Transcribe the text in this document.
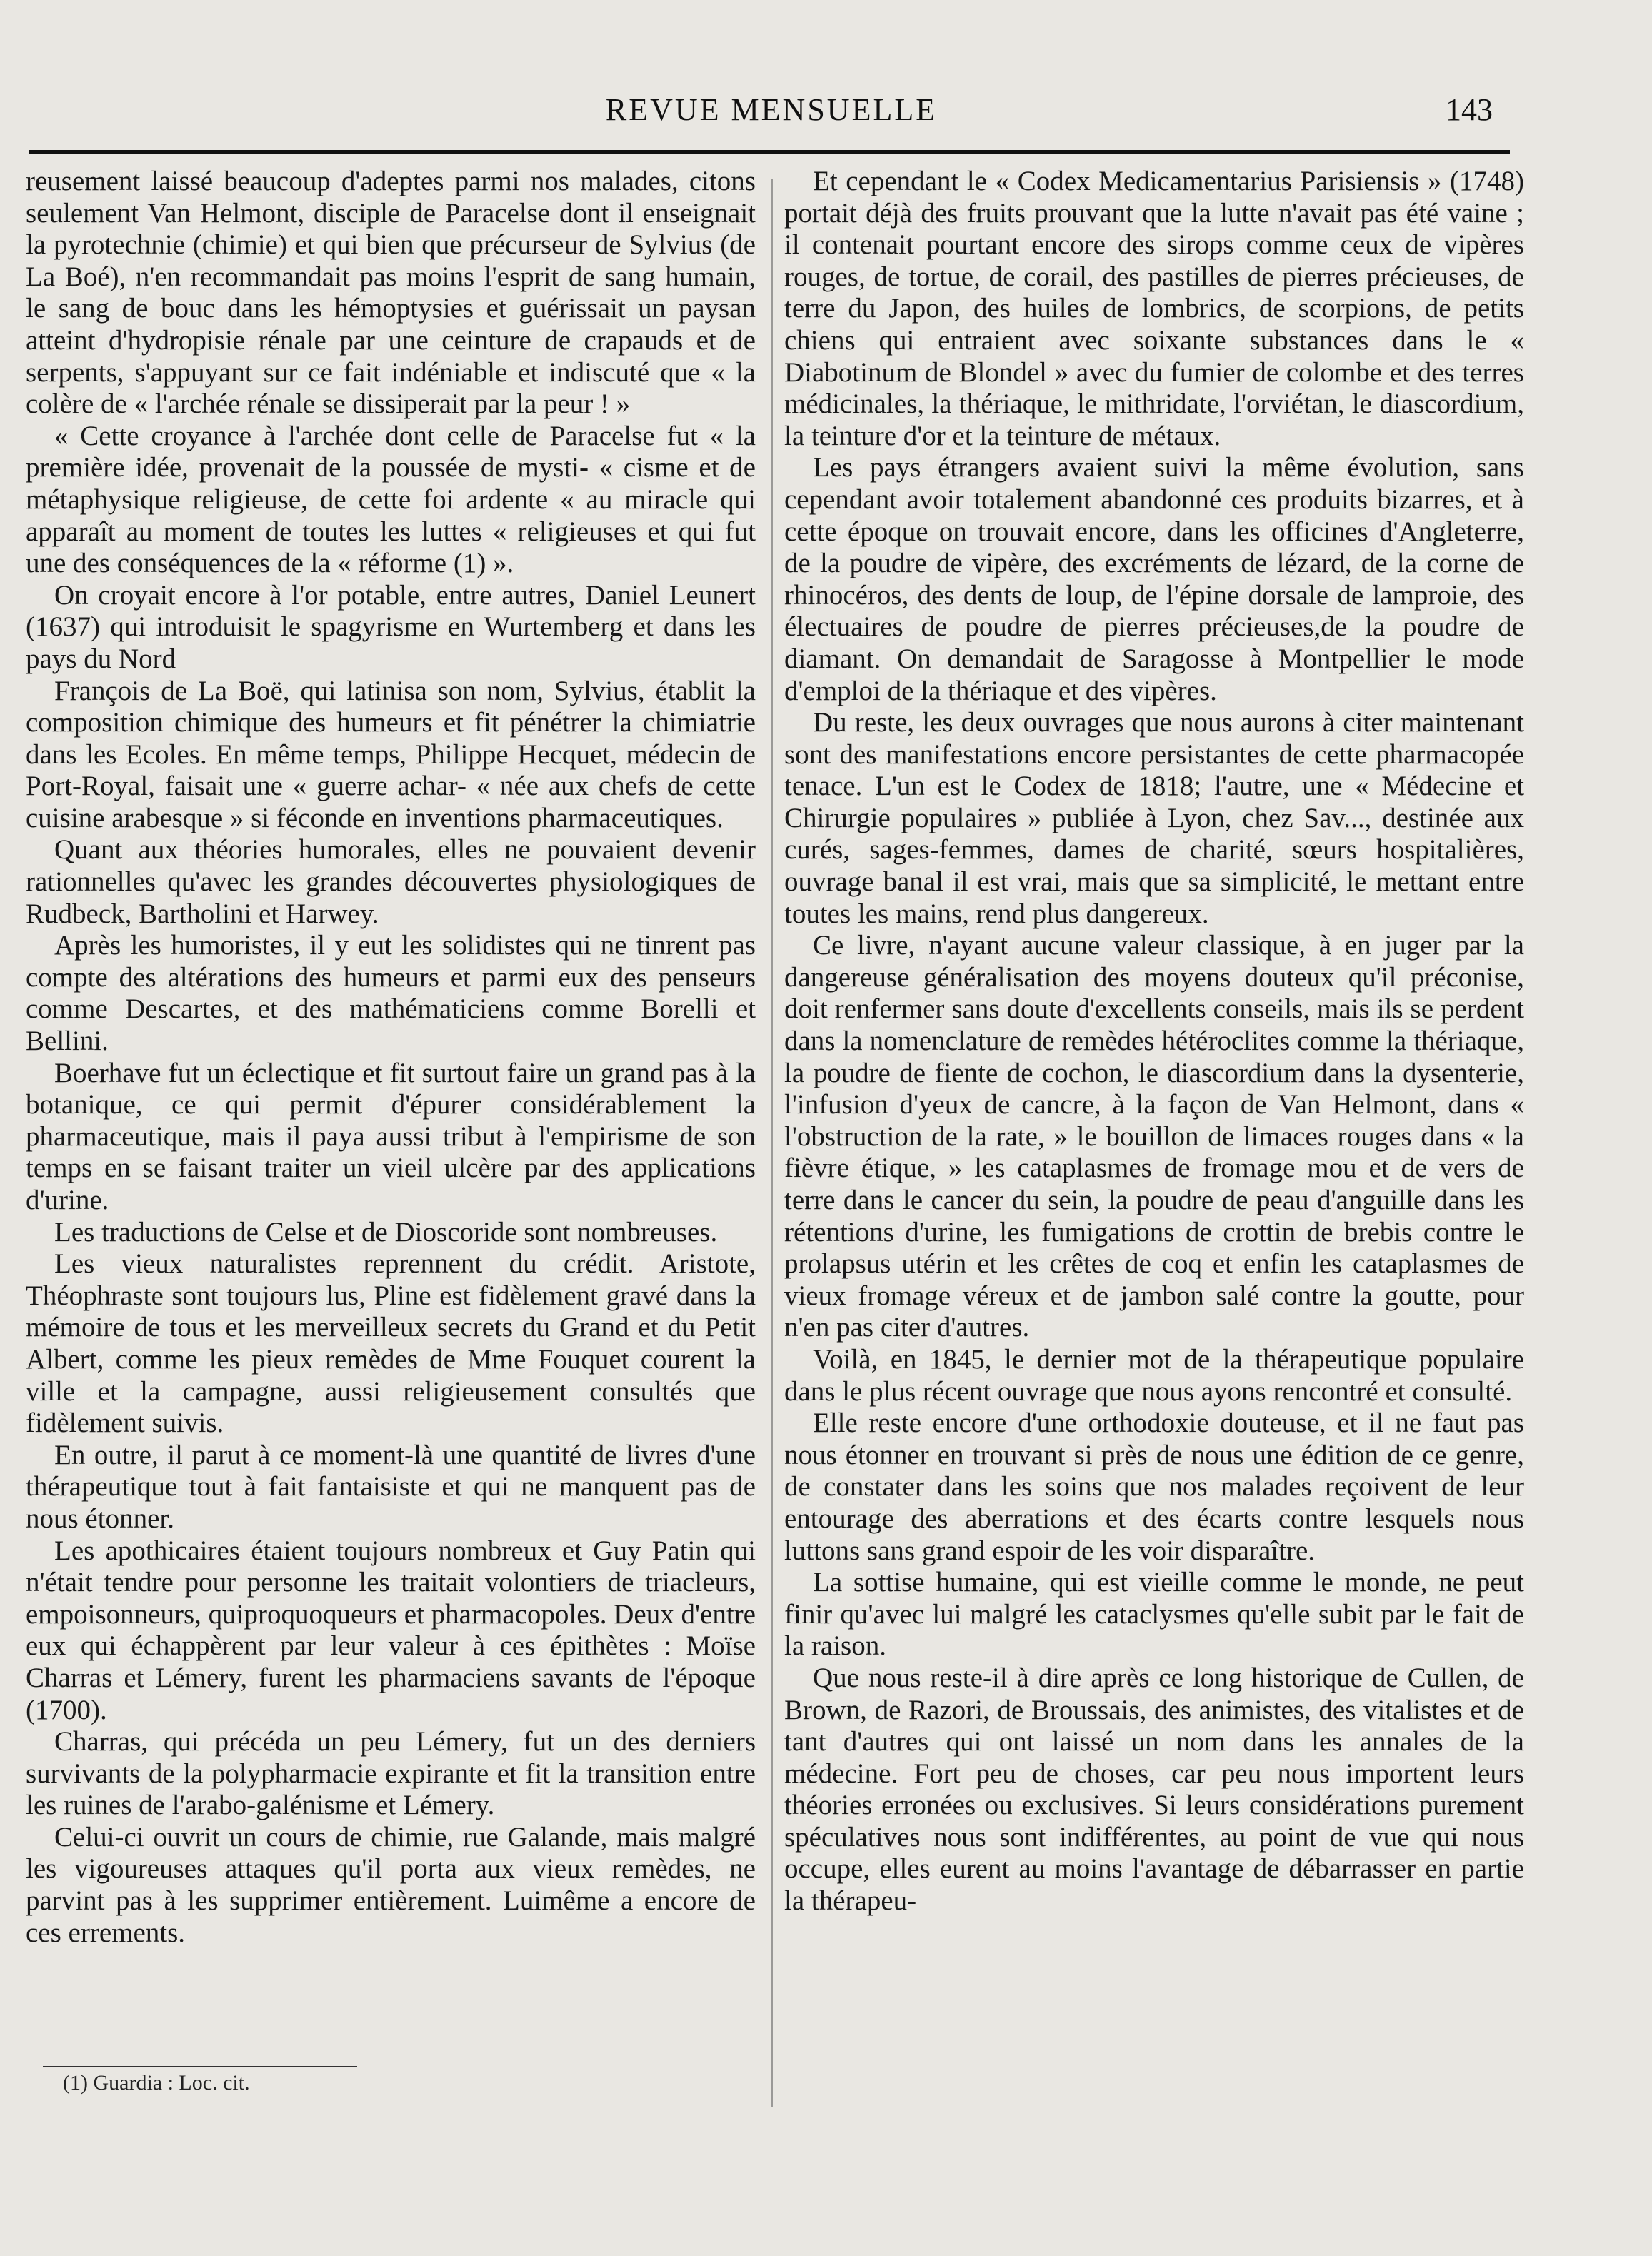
REVUE MENSUELLE	143

reusement laissé beaucoup d'adeptes parmi nos malades, citons seulement Van Helmont, disciple de Paracelse dont il enseignait la pyrotechnie (chimie) et qui bien que précurseur de Sylvius (de La Boé), n'en recommandait pas moins l'esprit de sang humain, le sang de bouc dans les hémoptysies et guérissait un paysan atteint d'hydropisie rénale par une ceinture de crapauds et de serpents, s'appuyant sur ce fait indéniable et indiscuté que « la colère de « l'archée rénale se dissiperait par la peur ! »

« Cette croyance à l'archée dont celle de Paracelse fut « la première idée, provenait de la poussée de mysti- « cisme et de métaphysique religieuse, de cette foi ardente « au miracle qui apparaît au moment de toutes les luttes « religieuses et qui fut une des conséquences de la « réforme (1) ».

On croyait encore à l'or potable, entre autres, Daniel Leunert (1637) qui introduisit le spagyrisme en Wurtemberg et dans les pays du Nord

François de La Boë, qui latinisa son nom, Sylvius, établit la composition chimique des humeurs et fit pénétrer la chimiatrie dans les Ecoles. En même temps, Philippe Hecquet, médecin de Port-Royal, faisait une « guerre achar- « née aux chefs de cette cuisine arabesque » si féconde en inventions pharmaceutiques.

Quant aux théories humorales, elles ne pouvaient devenir rationnelles qu'avec les grandes découvertes physiologiques de Rudbeck, Bartholini et Harwey.

Après les humoristes, il y eut les solidistes qui ne tinrent pas compte des altérations des humeurs et parmi eux des penseurs comme Descartes, et des mathématiciens comme Borelli et Bellini.

Boerhave fut un éclectique et fit surtout faire un grand pas à la botanique, ce qui permit d'épurer considérablement la pharmaceutique, mais il paya aussi tribut à l'empirisme de son temps en se faisant traiter un vieil ulcère par des applications d'urine.

Les traductions de Celse et de Dioscoride sont nombreuses.

Les vieux naturalistes reprennent du crédit. Aristote, Théophraste sont toujours lus, Pline est fidèlement gravé dans la mémoire de tous et les merveilleux secrets du Grand et du Petit Albert, comme les pieux remèdes de Mme Fouquet courent la ville et la campagne, aussi religieusement consultés que fidèlement suivis.

En outre, il parut à ce moment-là une quantité de livres d'une thérapeutique tout à fait fantaisiste et qui ne manquent pas de nous étonner.

Les apothicaires étaient toujours nombreux et Guy Patin qui n'était tendre pour personne les traitait volontiers de triacleurs, empoisonneurs, quiproquoqueurs et pharmacopoles. Deux d'entre eux qui échappèrent par leur valeur à ces épithètes : Moïse Charras et Lémery, furent les pharmaciens savants de l'époque (1700).

Charras, qui précéda un peu Lémery, fut un des derniers survivants de la polypharmacie expirante et fit la transition entre les ruines de l'arabo-galénisme et Lémery.

Celui-ci ouvrit un cours de chimie, rue Galande, mais malgré les vigoureuses attaques qu'il porta aux vieux remèdes, ne parvint pas à les supprimer entièrement. Luimême a encore de ces errements.

Et cependant le « Codex Medicamentarius Parisiensis » (1748) portait déjà des fruits prouvant que la lutte n'avait pas été vaine ; il contenait pourtant encore des sirops comme ceux de vipères rouges, de tortue, de corail, des pastilles de pierres précieuses, de terre du Japon, des huiles de lombrics, de scorpions, de petits chiens qui entraient avec soixante substances dans le « Diabotinum de Blondel » avec du fumier de colombe et des terres médicinales, la thériaque, le mithridate, l'orviétan, le diascordium, la teinture d'or et la teinture de métaux.

Les pays étrangers avaient suivi la même évolution, sans cependant avoir totalement abandonné ces produits bizarres, et à cette époque on trouvait encore, dans les officines d'Angleterre, de la poudre de vipère, des excréments de lézard, de la corne de rhinocéros, des dents de loup, de l'épine dorsale de lamproie, des électuaires de poudre de pierres précieuses,de la poudre de diamant. On demandait de Saragosse à Montpellier le mode d'emploi de la thériaque et des vipères.

Du reste, les deux ouvrages que nous aurons à citer maintenant sont des manifestations encore persistantes de cette pharmacopée tenace. L'un est le Codex de 1818; l'autre, une « Médecine et Chirurgie populaires » publiée à Lyon, chez Sav..., destinée aux curés, sages-femmes, dames de charité, sœurs hospitalières, ouvrage banal il est vrai, mais que sa simplicité, le mettant entre toutes les mains, rend plus dangereux.

Ce livre, n'ayant aucune valeur classique, à en juger par la dangereuse généralisation des moyens douteux qu'il préconise, doit renfermer sans doute d'excellents conseils, mais ils se perdent dans la nomenclature de remèdes hétéroclites comme la thériaque, la poudre de fiente de cochon, le diascordium dans la dysenterie, l'infusion d'yeux de cancre, à la façon de Van Helmont, dans « l'obstruction de la rate, » le bouillon de limaces rouges dans « la fièvre étique, » les cataplasmes de fromage mou et de vers de terre dans le cancer du sein, la poudre de peau d'anguille dans les rétentions d'urine, les fumigations de crottin de brebis contre le prolapsus utérin et les crêtes de coq et enfin les cataplasmes de vieux fromage véreux et de jambon salé contre la goutte, pour n'en pas citer d'autres.

Voilà, en 1845, le dernier mot de la thérapeutique populaire dans le plus récent ouvrage que nous ayons rencontré et consulté.

Elle reste encore d'une orthodoxie douteuse, et il ne faut pas nous étonner en trouvant si près de nous une édition de ce genre, de constater dans les soins que nos malades reçoivent de leur entourage des aberrations et des écarts contre lesquels nous luttons sans grand espoir de les voir disparaître.

La sottise humaine, qui est vieille comme le monde, ne peut finir qu'avec lui malgré les cataclysmes qu'elle subit par le fait de la raison.

Que nous reste-il à dire après ce long historique de Cullen, de Brown, de Razori, de Broussais, des animistes, des vitalistes et de tant d'autres qui ont laissé un nom dans les annales de la médecine. Fort peu de choses, car peu nous importent leurs théories erronées ou exclusives. Si leurs considérations purement spéculatives nous sont indifférentes, au point de vue qui nous occupe, elles eurent au moins l'avantage de débarrasser en partie la thérapeu-

(1) Guardia : Loc. cit.
